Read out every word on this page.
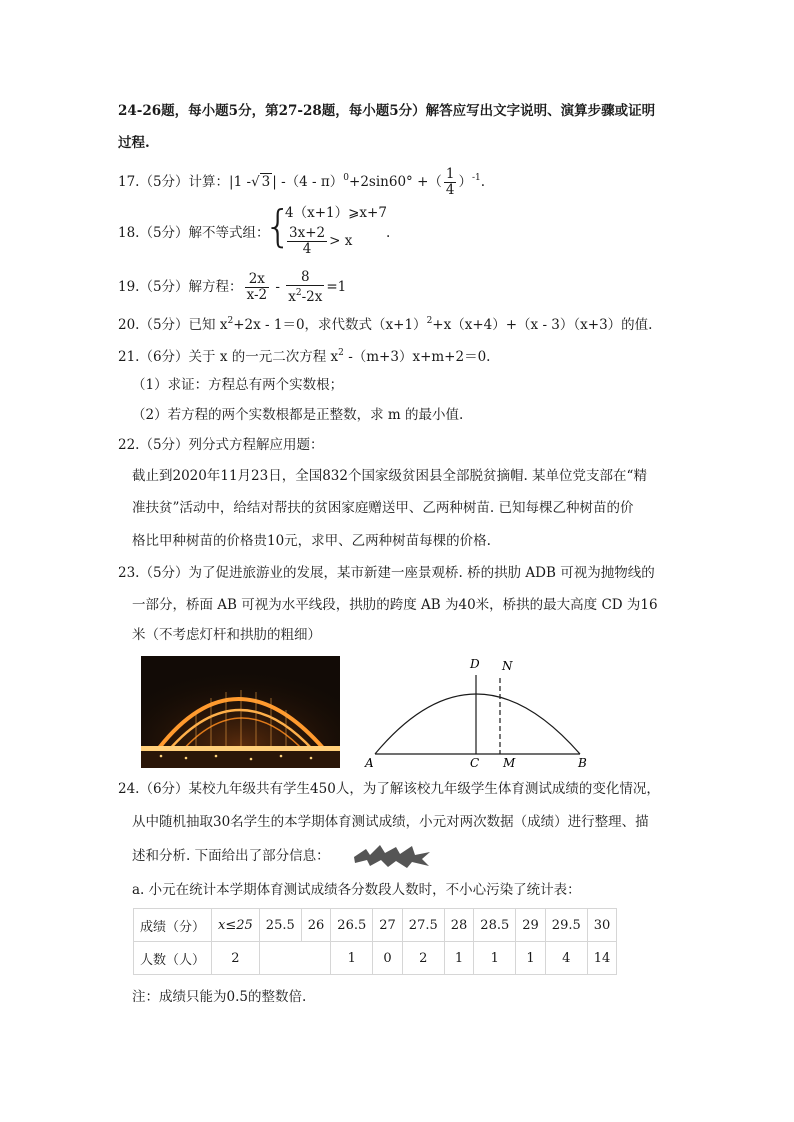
24-26题，每小题5分，第27-28题，每小题5分）解答应写出文字说明、演算步骤或证明
过程.
17.（5分）计算：|1 -√ 3 | -（4 - π）$^0$+2sin60° +（ $\frac{1}{4} )^{-1}$.
18.（5分）解不等式组：
{
4（x+1）⩾x+7
$\frac{3x+2}{4} > x$ .
19.（5分）解方程： $\frac{2x}{x-2} - \frac{8}{x^2-2x} =1$
20.（5分）已知 $x^2+2x - 1=0$，求代数式$(x+1)^2+x(x+4)+(x - 3)(x+3)$的值.
21.（6分）关于 x 的一元二次方程 $x^2$ -（m+3）x+m+2＝0.
（1）求证：方程总有两个实数根；
（2）若方程的两个实数根都是正整数，求 m 的最小值.
22.（5分）列分式方程解应用题：
截止到2020年11月23日，全国832个国家级贫困县全部脱贫摘帽. 某单位党支部在“精
准扶贫”活动中，给结对帮扶的贫困家庭赠送甲、乙两种树苗. 已知每棵乙种树苗的价
格比甲种树苗的价格贵10元，求甲、乙两种树苗每棵的价格.
23.（5分）为了促进旅游业的发展，某市新建一座景观桥. 桥的拱肋 ADB 可视为抛物线的
一部分，桥面 AB 可视为水平线段，拱肋的跨度 AB 为40米，桥拱的最大高度 CD 为16
米（不考虑灯杆和拱肋的粗细）
A	B
C M
D N
24.（6分）某校九年级共有学生450人，为了解该校九年级学生体育测试成绩的变化情况，
从中随机抽取30名学生的本学期体育测试成绩，小元对两次数据（成绩）进行整理、描
述和分析. 下面给出了部分信息：
a. 小元在统计本学期体育测试成绩各分数段人数时，不小心污染了统计表：
成绩（分）	x≤25	25.5	26	26.5	27	27.5	28	28.5	29	29.5	30
人数（人）	2			1	0	2	1	1	1	4	14
注：成绩只能为0.5的整数倍.
